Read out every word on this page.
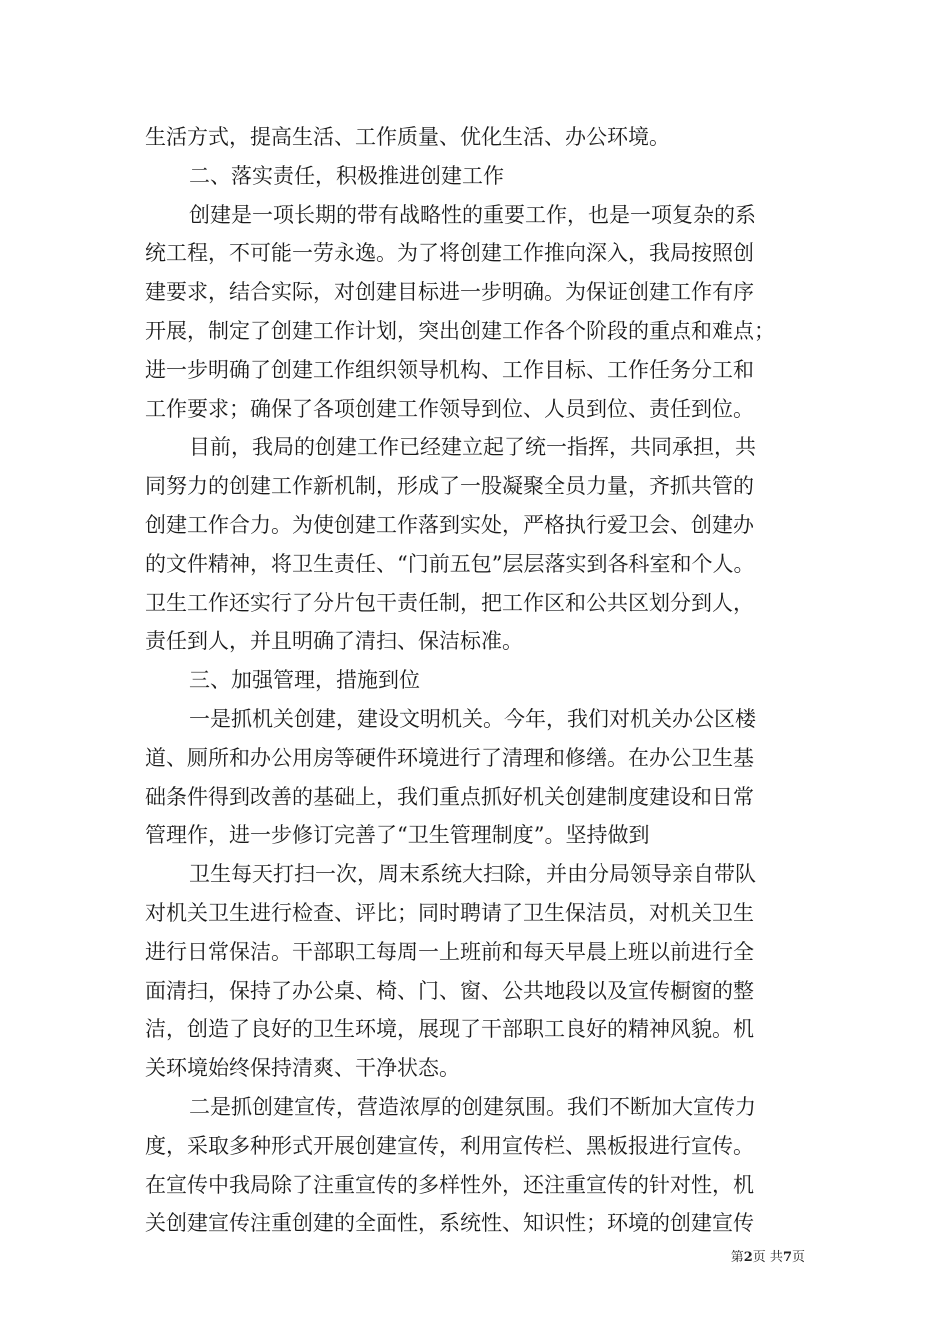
生活方式，提高生活、工作质量、优化生活、办公环境。
二、落实责任，积极推进创建工作
创建是一项长期的带有战略性的重要工作，也是一项复杂的系
统工程，不可能一劳永逸。为了将创建工作推向深入，我局按照创
建要求，结合实际，对创建目标进一步明确。为保证创建工作有序
开展，制定了创建工作计划，突出创建工作各个阶段的重点和难点；
进一步明确了创建工作组织领导机构、工作目标、工作任务分工和
工作要求；确保了各项创建工作领导到位、人员到位、责任到位。
目前，我局的创建工作已经建立起了统一指挥，共同承担，共
同努力的创建工作新机制，形成了一股凝聚全员力量，齐抓共管的
创建工作合力。为使创建工作落到实处，严格执行爱卫会、创建办
的文件精神，将卫生责任、“门前五包”层层落实到各科室和个人。
卫生工作还实行了分片包干责任制，把工作区和公共区划分到人，
责任到人，并且明确了清扫、保洁标准。
三、加强管理，措施到位
一是抓机关创建，建设文明机关。今年，我们对机关办公区楼
道、厕所和办公用房等硬件环境进行了清理和修缮。在办公卫生基
础条件得到改善的基础上，我们重点抓好机关创建制度建设和日常
管理作，进一步修订完善了“卫生管理制度”。坚持做到
卫生每天打扫一次，周末系统大扫除，并由分局领导亲自带队
对机关卫生进行检查、评比；同时聘请了卫生保洁员，对机关卫生
进行日常保洁。干部职工每周一上班前和每天早晨上班以前进行全
面清扫，保持了办公桌、椅、门、窗、公共地段以及宣传橱窗的整
洁，创造了良好的卫生环境，展现了干部职工良好的精神风貌。机
关环境始终保持清爽、干净状态。
二是抓创建宣传，营造浓厚的创建氛围。我们不断加大宣传力
度，采取多种形式开展创建宣传，利用宣传栏、黑板报进行宣传。
在宣传中我局除了注重宣传的多样性外，还注重宣传的针对性，机
关创建宣传注重创建的全面性，系统性、知识性；环境的创建宣传
第2页 共7页
